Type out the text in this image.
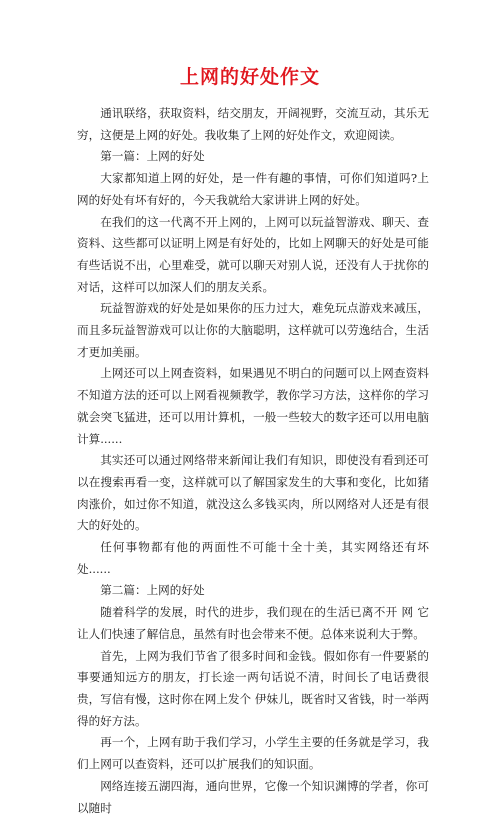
上网的好处作文

通讯联络，获取资料，结交朋友，开阔视野，交流互动，其乐无穷，这便是上网的好处。我收集了上网的好处作文，欢迎阅读。

第一篇：上网的好处

大家都知道上网的好处，是一件有趣的事情，可你们知道吗?上网的好处有坏有好的，今天我就给大家讲讲上网的好处。

在我们的这一代离不开上网的，上网可以玩益智游戏、聊天、查资料、这些都可以证明上网是有好处的，比如上网聊天的好处是可能有些话说不出，心里难受，就可以聊天对别人说，还没有人于扰你的对话，这样可以加深人们的朋友关系。

玩益智游戏的好处是如果你的压力过大，难免玩点游戏来减压，而且多玩益智游戏可以让你的大脑聪明，这样就可以劳逸结合，生活才更加美丽。

上网还可以上网查资料，如果遇见不明白的问题可以上网查资料不知道方法的还可以上网看视频教学，教你学习方法，这样你的学习就会突飞猛进，还可以用计算机，一般一些较大的数字还可以用电脑计算......

其实还可以通过网络带来新闻让我们有知识，即使没有看到还可以在搜索再看一变，这样就可以了解国家发生的大事和变化，比如猪肉涨价，如过你不知道，就没这么多钱买肉，所以网络对人还是有很大的好处的。

任何事物都有他的两面性不可能十全十美，其实网络还有坏处......

第二篇：上网的好处

随着科学的发展，时代的进步，我们现在的生活已离不开 网 它让人们快速了解信息，虽然有时也会带来不便。总体来说利大于弊。

首先，上网为我们节省了很多时间和金钱。假如你有一件要紧的事要通知远方的朋友，打长途一两句话说不清，时间长了电话费很贵，写信有慢，这时你在网上发个 伊妹儿，既省时又省钱，时一举两得的好方法。

再一个，上网有助于我们学习，小学生主要的任务就是学习，我们上网可以查资料，还可以扩展我们的知识面。

网络连接五湖四海，通向世界，它像一个知识渊博的学者，你可以随时
